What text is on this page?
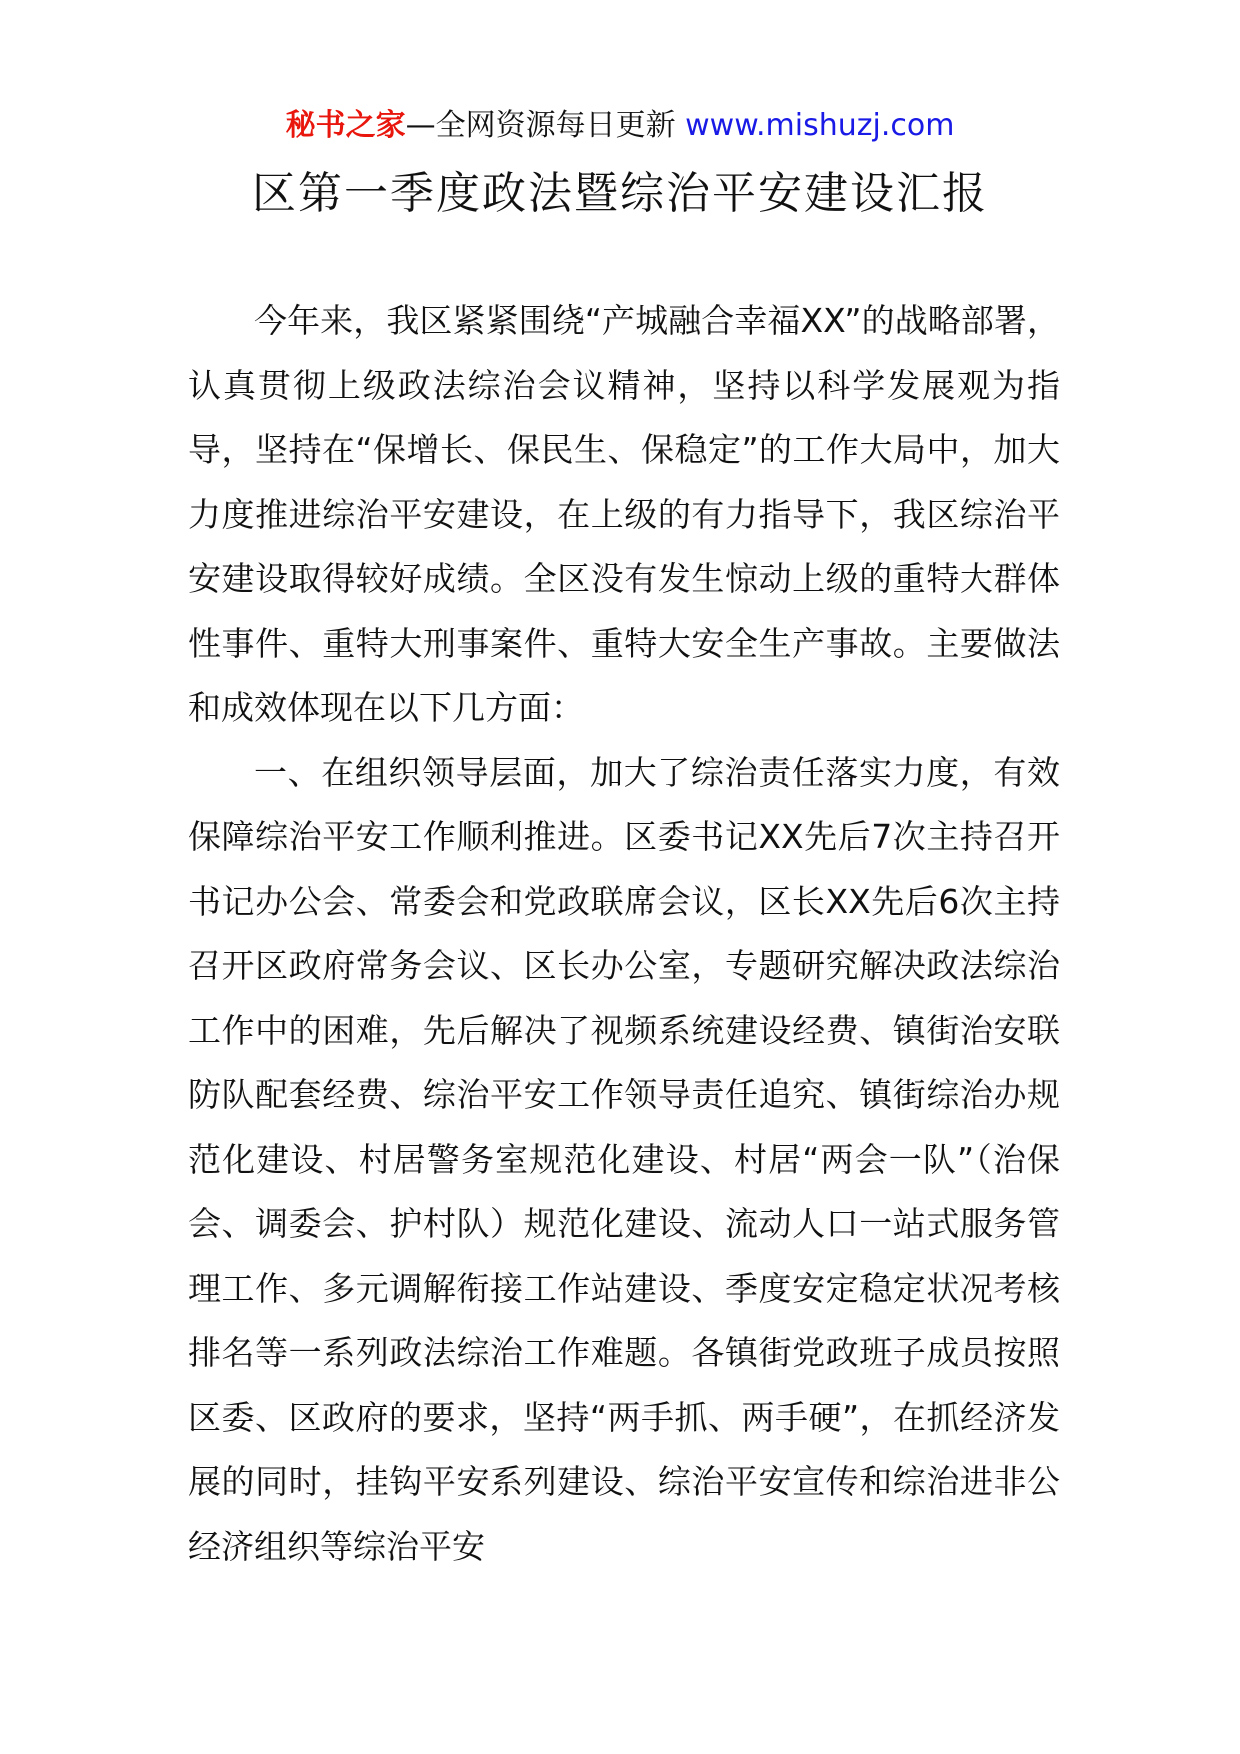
秘书之家—全网资源每日更新 www.mishuzj.com
区第一季度政法暨综治平安建设汇报

今年来，我区紧紧围绕“产城融合幸福XX”的战略部署，认真贯彻上级政法综治会议精神，坚持以科学发展观为指导，坚持在“保增长、保民生、保稳定”的工作大局中，加大力度推进综治平安建设，在上级的有力指导下，我区综治平安建设取得较好成绩。全区没有发生惊动上级的重特大群体性事件、重特大刑事案件、重特大安全生产事故。主要做法和成效体现在以下几方面：

一、在组织领导层面，加大了综治责任落实力度，有效保障综治平安工作顺利推进。区委书记XX先后7次主持召开书记办公会、常委会和党政联席会议，区长XX先后6次主持召开区政府常务会议、区长办公室，专题研究解决政法综治工作中的困难，先后解决了视频系统建设经费、镇街治安联防队配套经费、综治平安工作领导责任追究、镇街综治办规范化建设、村居警务室规范化建设、村居“两会一队”（治保会、调委会、护村队）规范化建设、流动人口一站式服务管理工作、多元调解衔接工作站建设、季度安定稳定状况考核排名等一系列政法综治工作难题。各镇街党政班子成员按照区委、区政府的要求，坚持“两手抓、两手硬”，在抓经济发展的同时，挂钩平安系列建设、综治平安宣传和综治进非公经济组织等综治平安
